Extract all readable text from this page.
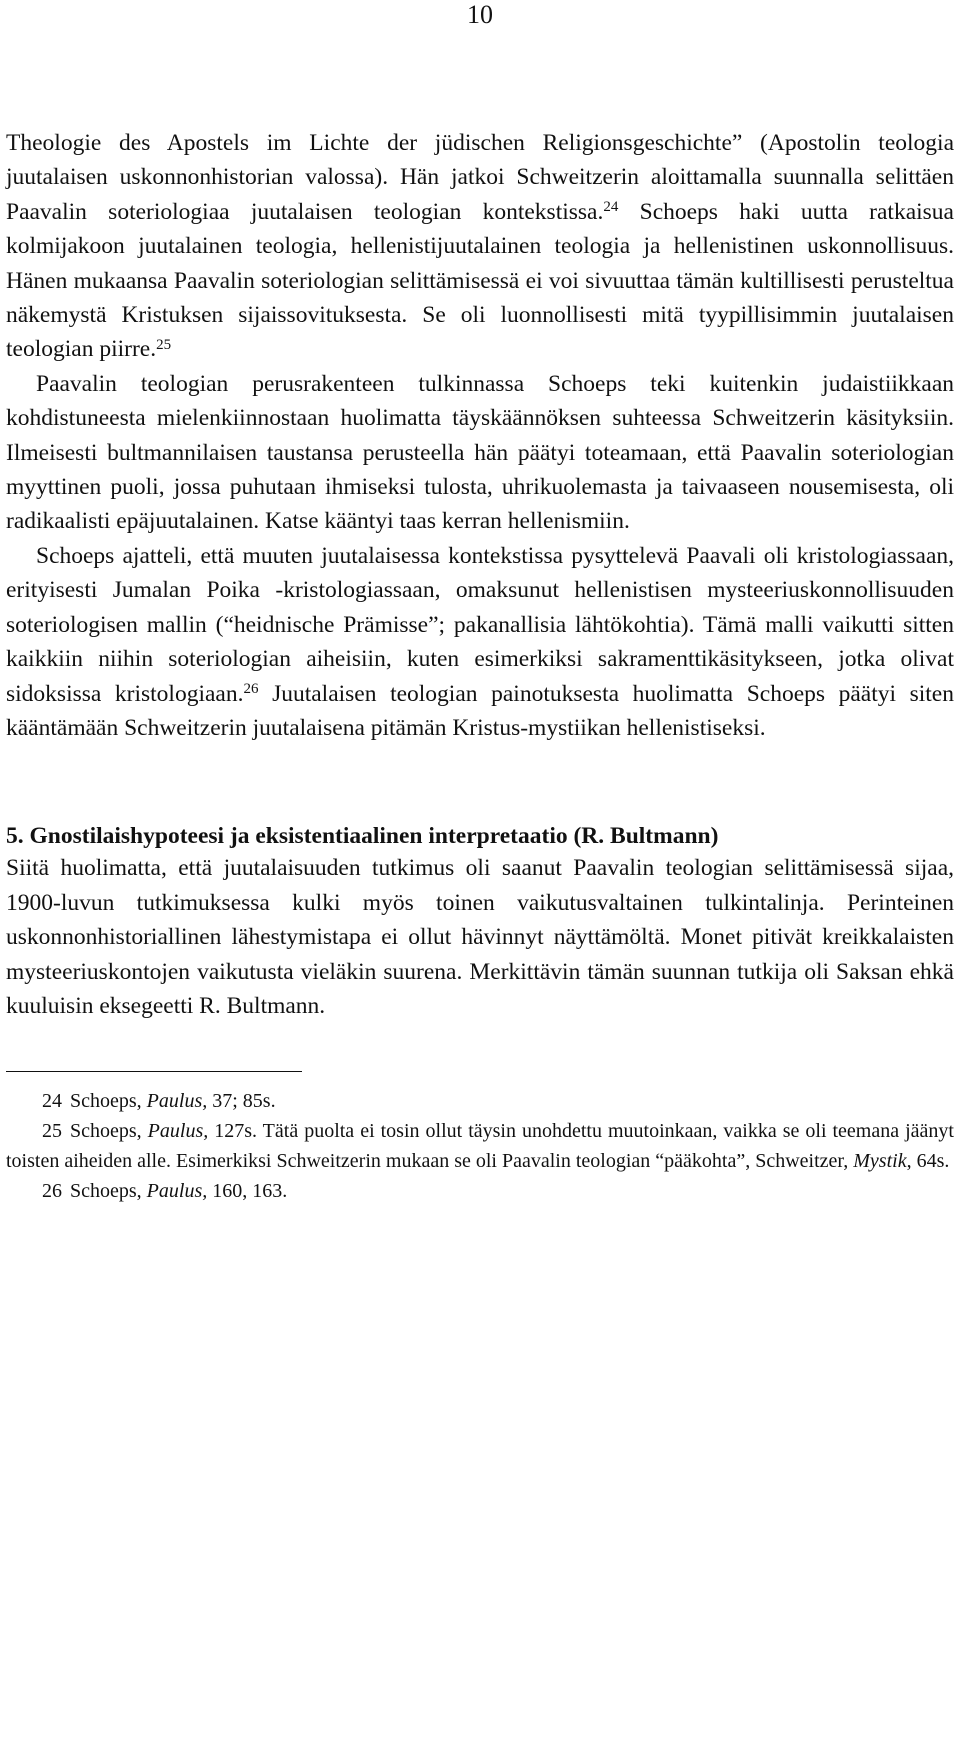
10

Theologie des Apostels im Lichte der jüdischen Religionsgeschichte” (Apostolin teologia juutalaisen uskonnonhistorian valossa). Hän jatkoi Schweitzerin aloittamalla suunnalla selittäen Paavalin soteriologiaa juutalaisen teologian kontekstissa.$^{24}$ Schoeps haki uutta ratkaisua kolmijakoon juutalainen teologia, hellenistijuutalainen teologia ja hellenistinen uskonnollisuus. Hänen mukaansa Paavalin soteriologian selittämisessä ei voi sivuuttaa tämän kultillisesti perusteltua näkemystä Kristuksen sijaissovituksesta. Se oli luonnollisesti mitä tyypillisimmin juutalaisen teologian piirre.$^{25}$

Paavalin teologian perusrakenteen tulkinnassa Schoeps teki kuitenkin judaistiikkaan kohdistuneesta mielenkiinnostaan huolimatta täyskäännöksen suhteessa Schweitzerin käsityksiin. Ilmeisesti bultmannilaisen taustansa perusteella hän päätyi toteamaan, että Paavalin soteriologian myyttinen puoli, jossa puhutaan ihmiseksi tulosta, uhrikuolemasta ja taivaaseen nousemisesta, oli radikaalisti epäjuutalainen. Katse kääntyi taas kerran hellenismiin.

Schoeps ajatteli, että muuten juutalaisessa kontekstissa pysyttelevä Paavali oli kristologiassaan, erityisesti Jumalan Poika -kristologiassaan, omaksunut hellenistisen mysteeriuskonnollisuuden soteriologisen mallin (“heidnische Prämisse”; pakanallisia lähtökohtia). Tämä malli vaikutti sitten kaikkiin niihin soteriologian aiheisiin, kuten esimerkiksi sakramenttikäsitykseen, jotka olivat sidoksissa kristologiaan.$^{26}$ Juutalaisen teologian painotuksesta huolimatta Schoeps päätyi siten kääntämään Schweitzerin juutalaisena pitämän Kristus-mystiikan hellenistiseksi.

5. Gnostilaishypoteesi ja eksistentiaalinen interpretaatio (R. Bultmann)

Siitä huolimatta, että juutalaisuuden tutkimus oli saanut Paavalin teologian selittämisessä sijaa, 1900-luvun tutkimuksessa kulki myös toinen vaikutusvaltainen tulkintalinja. Perinteinen uskonnonhistoriallinen lähestymistapa ei ollut hävinnyt näyttämöltä. Monet pitivät kreikkalaisten mysteeriuskontojen vaikutusta vieläkin suurena. Merkittävin tämän suunnan tutkija oli Saksan ehkä kuuluisin eksegeetti R. Bultmann.

24 Schoeps, Paulus, 37; 85s.

25 Schoeps, Paulus, 127s. Tätä puolta ei tosin ollut täysin unohdettu muutoinkaan, vaikka se oli teemana jäänyt toisten aiheiden alle. Esimerkiksi Schweitzerin mukaan se oli Paavalin teologian “pääkohta”, Schweitzer, Mystik, 64s.

26 Schoeps, Paulus, 160, 163.
